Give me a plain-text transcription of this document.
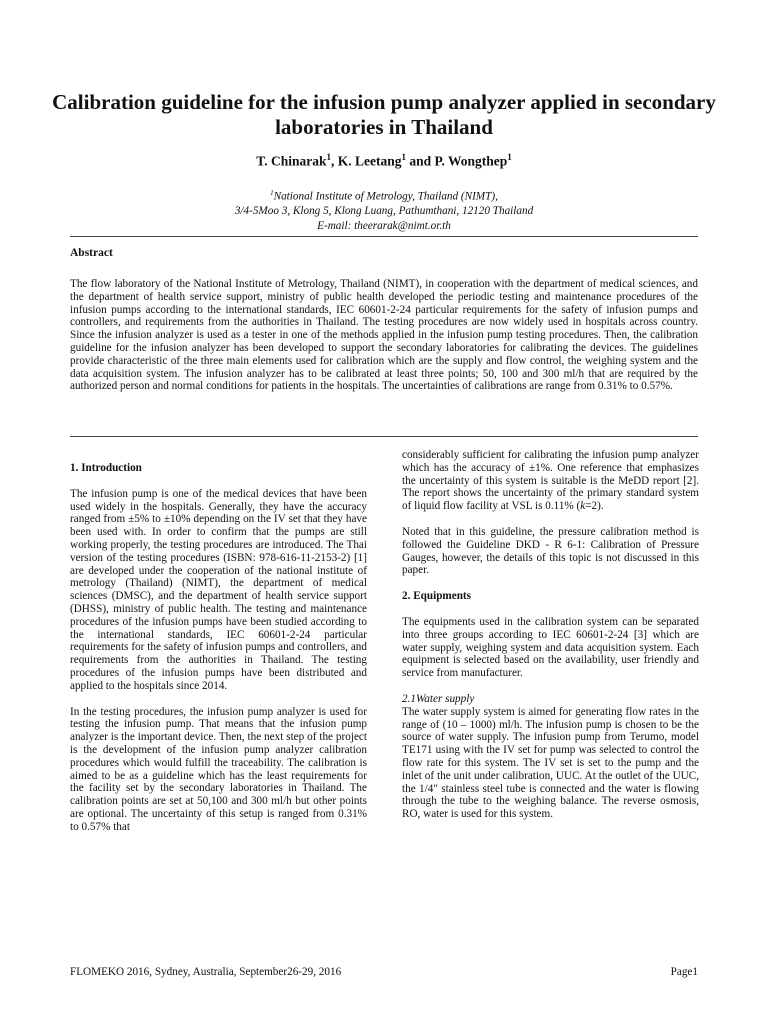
Calibration guideline for the infusion pump analyzer applied in secondary laboratories in Thailand
T. Chinarak$^1$, K. Leetang$^1$ and P. Wongthep$^1$
$^1$National Institute of Metrology, Thailand (NIMT),
3/4-5Moo 3, Klong 5, Klong Luang, Pathumthani, 12120 Thailand
E-mail: theerarak@nimt.or.th
Abstract
The flow laboratory of the National Institute of Metrology, Thailand (NIMT), in cooperation with the department of medical sciences, and the department of health service support, ministry of public health developed the periodic testing and maintenance procedures of the infusion pumps according to the international standards, IEC 60601-2-24 particular requirements for the safety of infusion pumps and controllers, and requirements from the authorities in Thailand. The testing procedures are now widely used in hospitals across country. Since the infusion analyzer is used as a tester in one of the methods applied in the infusion pump testing procedures. Then, the calibration guideline for the infusion analyzer has been developed to support the secondary laboratories for calibrating the devices. The guidelines provide characteristic of the three main elements used for calibration which are the supply and flow control, the weighing system and the data acquisition system. The infusion analyzer has to be calibrated at least three points; 50, 100 and 300 ml/h that are required by the authorized person and normal conditions for patients in the hospitals. The uncertainties of calibrations are range from 0.31% to 0.57%.
1. Introduction

The infusion pump is one of the medical devices that have been used widely in the hospitals. Generally, they have the accuracy ranged from ±5% to ±10% depending on the IV set that they have been used with. In order to confirm that the pumps are still working properly, the testing procedures are introduced. The Thai version of the testing procedures (ISBN: 978-616-11-2153-2) [1] are developed under the cooperation of the national institute of metrology (Thailand) (NIMT), the department of medical sciences (DMSC), and the department of health service support (DHSS), ministry of public health. The testing and maintenance procedures of the infusion pumps have been studied according to the international standards, IEC 60601-2-24 particular requirements for the safety of infusion pumps and controllers, and requirements from the authorities in Thailand. The testing procedures of the infusion pumps have been distributed and applied to the hospitals since 2014.

In the testing procedures, the infusion pump analyzer is used for testing the infusion pump. That means that the infusion pump analyzer is the important device. Then, the next step of the project is the development of the infusion pump analyzer calibration procedures which would fulfill the traceability. The calibration is aimed to be as a guideline which has the least requirements for the facility set by the secondary laboratories in Thailand. The calibration points are set at 50,100 and 300 ml/h but other points are optional. The uncertainty of this setup is ranged from 0.31% to 0.57% that

considerably sufficient for calibrating the infusion pump analyzer which has the accuracy of ±1%. One reference that emphasizes the uncertainty of this system is suitable is the MeDD report [2]. The report shows the uncertainty of the primary standard system of liquid flow facility at VSL is 0.11% (k=2).

Noted that in this guideline, the pressure calibration method is followed the Guideline DKD - R 6-1: Calibration of Pressure Gauges, however, the details of this topic is not discussed in this paper.

2. Equipments

The equipments used in the calibration system can be separated into three groups according to IEC 60601-2-24 [3] which are water supply, weighing system and data acquisition system. Each equipment is selected based on the availability, user friendly and service from manufacturer.

2.1Water supply

The water supply system is aimed for generating flow rates in the range of (10 – 1000) ml/h. The infusion pump is chosen to be the source of water supply. The infusion pump from Terumo, model TE171 using with the IV set for pump was selected to control the flow rate for this system. The IV set is set to the pump and the inlet of the unit under calibration, UUC. At the outlet of the UUC, the 1/4" stainless steel tube is connected and the water is flowing through the tube to the weighing balance. The reverse osmosis, RO, water is used for this system.

FLOMEKO 2016, Sydney, Australia, September26-29, 2016	Page1
